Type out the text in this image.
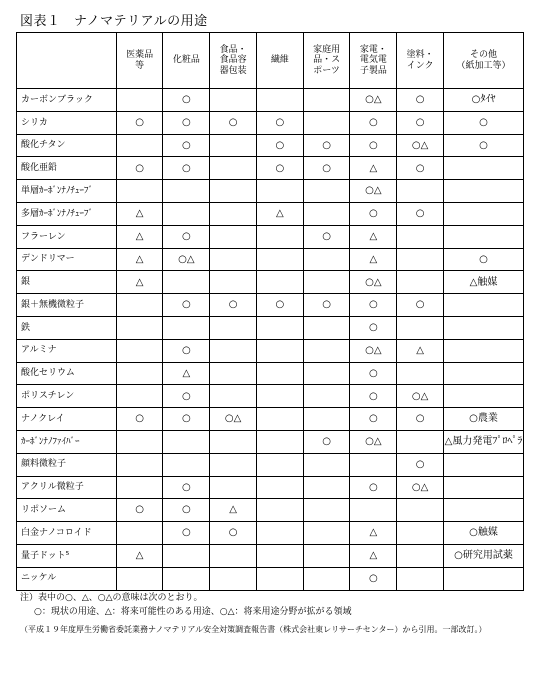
図表１　ナノマテリアルの用途
	医薬品
等	化粧品	食品・
食品容
器包装	繊維	家庭用
品・ス
ポーツ	家電・
電気電
子製品	塗料・
インク	その他
（紙加工等）
カーボンブラック		○				○△	○	○ﾀｲﾔ
シリカ	○	○	○	○		○	○	○
酸化チタン		○		○	○	○	○△	○
酸化亜鉛	○	○		○	○	△	○	
単層ｶｰﾎﾞﾝﾅﾉﾁｭｰﾌﾞ						○△		
多層ｶｰﾎﾞﾝﾅﾉﾁｭｰﾌﾞ	△			△		○	○	
フラーレン	△	○			○	△		
デンドリマー	△	○△				△		○
銀	△					○△		△触媒
銀＋無機微粒子		○	○	○	○	○	○	
鉄						○		
アルミナ		○				○△	△	
酸化セリウム		△				○		
ポリスチレン		○				○	○△	
ナノクレイ	○	○	○△			○	○	○農業
ｶｰﾎﾞﾝﾅﾉﾌｧｲﾊﾞｰ					○	○△		△風力発電ﾌﾟﾛﾍﾟﾗ
顔料微粒子							○	
アクリル微粒子		○				○	○△	
リポソーム	○	○	△					
白金ナノコロイド		○	○			△		○触媒
量子ドット⁵	△					△		○研究用試薬
ニッケル						○		
注）表中の○、△、○△の意味は次のとおり。
○：現状の用途、△：将来可能性のある用途、○△：将来用途分野が拡がる領域
（平成１９年度厚生労働省委託業務ナノマテリアル安全対策調査報告書（株式会社東レリサーチセンター）から引用。一部改訂。）
